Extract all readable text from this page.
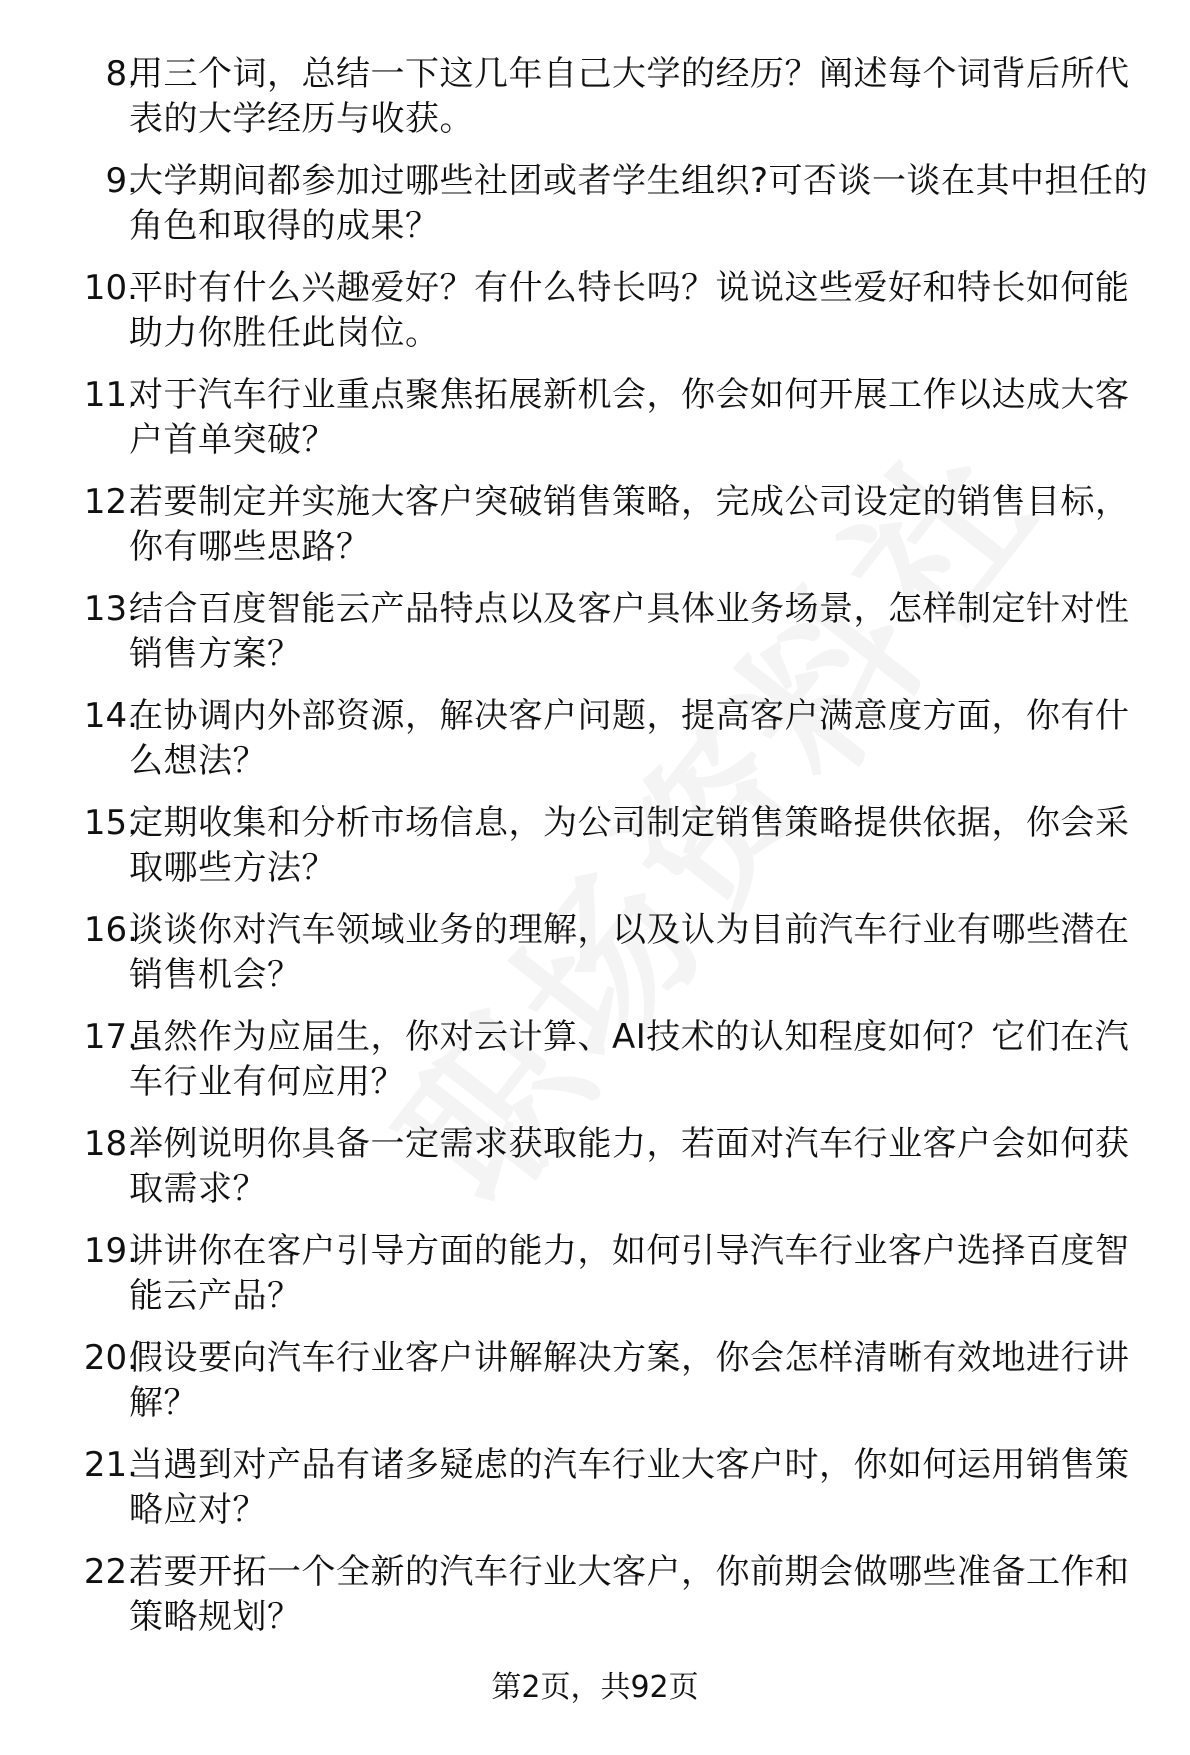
8.
用三个词，总结一下这几年自己大学的经历？阐述每个词背后所代表的大学经历与收获。
9.
大学期间都参加过哪些社团或者学生组织?可否谈一谈在其中担任的角色和取得的成果？
10.
平时有什么兴趣爱好？有什么特长吗？说说这些爱好和特长如何能助力你胜任此岗位。
11.
对于汽车行业重点聚焦拓展新机会，你会如何开展工作以达成大客户首单突破？
12.
若要制定并实施大客户突破销售策略，完成公司设定的销售目标，你有哪些思路？
13.
结合百度智能云产品特点以及客户具体业务场景，怎样制定针对性销售方案？
14.
在协调内外部资源，解决客户问题，提高客户满意度方面，你有什么想法？
15.
定期收集和分析市场信息，为公司制定销售策略提供依据，你会采取哪些方法？
16.
谈谈你对汽车领域业务的理解，以及认为目前汽车行业有哪些潜在销售机会？
17.
虽然作为应届生，你对云计算、AI技术的认知程度如何？它们在汽车行业有何应用？
18.
举例说明你具备一定需求获取能力，若面对汽车行业客户会如何获取需求？
19.
讲讲你在客户引导方面的能力，如何引导汽车行业客户选择百度智能云产品？
20.
假设要向汽车行业客户讲解解决方案，你会怎样清晰有效地进行讲解？
21.
当遇到对产品有诸多疑虑的汽车行业大客户时，你如何运用销售策略应对？
22.
若要开拓一个全新的汽车行业大客户，你前期会做哪些准备工作和策略规划？
第2页，共92页
